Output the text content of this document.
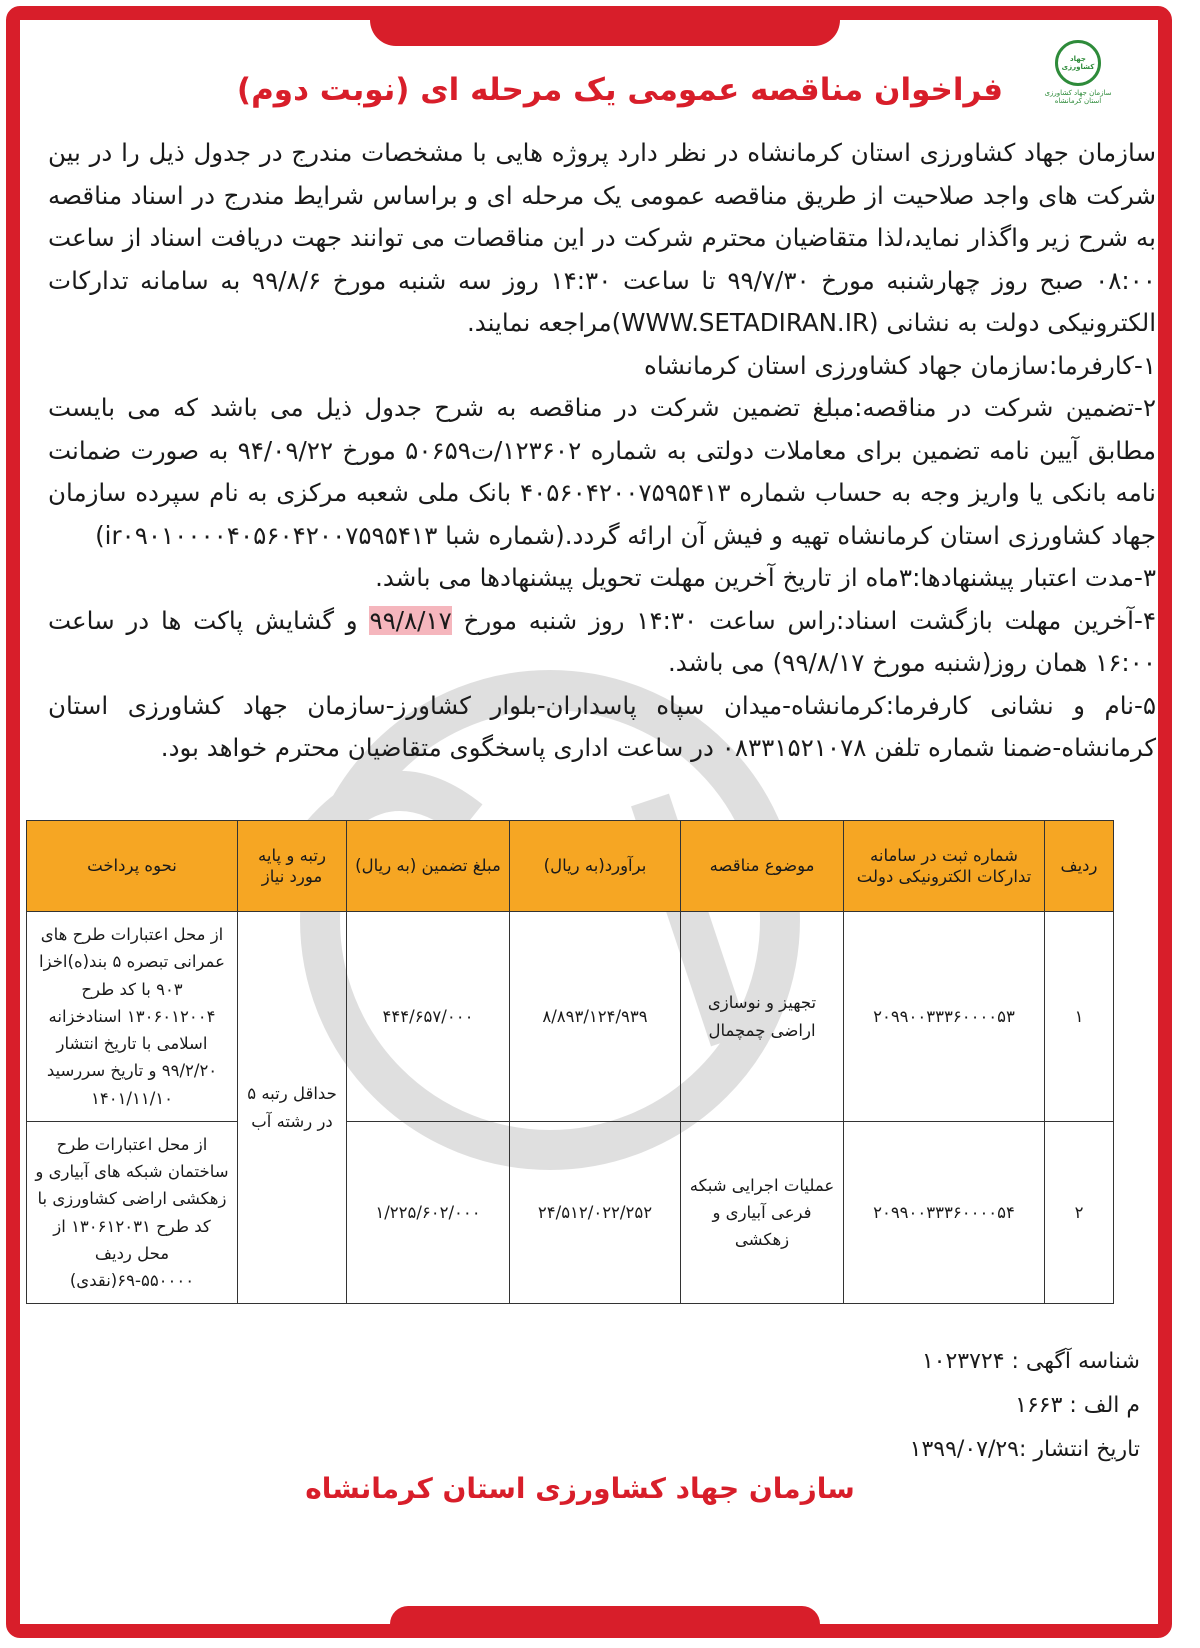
جهاد کشاورزی
سازمان جهاد کشاورزی استان کرمانشاه
فراخوان مناقصه عمومی یک مرحله ای (نوبت دوم)

سازمان جهاد کشاورزی استان کرمانشاه در نظر دارد پروژه هایی با مشخصات مندرج در جدول ذیل را در بین شرکت های واجد صلاحیت از طریق مناقصه عمومی یک مرحله ای و براساس شرایط مندرج در اسناد مناقصه به شرح زیر واگذار نماید،لذا متقاضیان محترم شرکت در این مناقصات می توانند جهت دریافت اسناد از ساعت ۰۸:۰۰ صبح روز چهارشنبه مورخ ۹۹/۷/۳۰ تا ساعت ۱۴:۳۰ روز سه شنبه مورخ ۹۹/۸/۶ به سامانه تدارکات الکترونیکی دولت به نشانی (WWW.SETADIRAN.IR)مراجعه نمایند.

۱-کارفرما:سازمان جهاد کشاورزی استان کرمانشاه

۲-تضمین شرکت در مناقصه:مبلغ تضمین شرکت در مناقصه به شرح جدول ذیل می باشد که می بایست مطابق آیین نامه تضمین برای معاملات دولتی به شماره ۱۲۳۶۰۲/ت۵۰۶۵۹ مورخ ۹۴/۰۹/۲۲ به صورت ضمانت نامه بانکی یا واریز وجه به حساب شماره ۴۰۵۶۰۴۲۰۰۷۵۹۵۴۱۳ بانک ملی شعبه مرکزی به نام سپرده سازمان جهاد کشاورزی استان کرمانشاه تهیه و فیش آن ارائه گردد.(شماره شبا ir۰۹۰۱۰۰۰۰۴۰۵۶۰۴۲۰۰۷۵۹۵۴۱۳)

۳-مدت اعتبار پیشنهادها:۳ماه از تاریخ آخرین مهلت تحویل پیشنهادها می باشد.

۴-آخرین مهلت بازگشت اسناد:راس ساعت ۱۴:۳۰ روز شنبه مورخ ۹۹/۸/۱۷ و گشایش پاکت ها در ساعت ۱۶:۰۰ همان روز(شنبه مورخ ۹۹/۸/۱۷) می باشد.

۵-نام و نشانی کارفرما:کرمانشاه-میدان سپاه پاسداران-بلوار کشاورز-سازمان جهاد کشاورزی استان کرمانشاه-ضمنا شماره تلفن ۰۸۳۳۱۵۲۱۰۷۸ در ساعت اداری پاسخگوی متقاضیان محترم خواهد بود.

ردیف	شماره ثبت در سامانه تدارکات الکترونیکی دولت	موضوع مناقصه	برآورد(به ریال)	مبلغ تضمین (به ریال)	رتبه و پایه مورد نیاز	نحوه پرداخت
۱	۲۰۹۹۰۰۳۳۳۶۰۰۰۰۵۳	تجهیز و نوسازی اراضی چمچمال	۸/۸۹۳/۱۲۴/۹۳۹	۴۴۴/۶۵۷/۰۰۰	حداقل رتبه ۵ در رشته آب	از محل اعتبارات طرح های عمرانی تبصره ۵ بند(ه)اخزا ۹۰۳ با کد طرح ۱۳۰۶۰۱۲۰۰۴ اسنادخزانه اسلامی با تاریخ انتشار ۹۹/۲/۲۰ و تاریخ سررسید ۱۴۰۱/۱۱/۱۰
۲	۲۰۹۹۰۰۳۳۳۶۰۰۰۰۵۴	عملیات اجرایی شبکه فرعی آبیاری و زهکشی	۲۴/۵۱۲/۰۲۲/۲۵۲	۱/۲۲۵/۶۰۲/۰۰۰		از محل اعتبارات طرح ساختمان شبکه های آبیاری و زهکشی اراضی کشاورزی با کد طرح ۱۳۰۶۱۲۰۳۱ از محل ردیف ۵۵۰۰۰۰-۶۹(نقدی)
شناسه آگهی : ۱۰۲۳۷۲۴
م الف : ۱۶۶۳
تاریخ انتشار :۱۳۹۹/۰۷/۲۹
سازمان جهاد کشاورزی استان کرمانشاه
